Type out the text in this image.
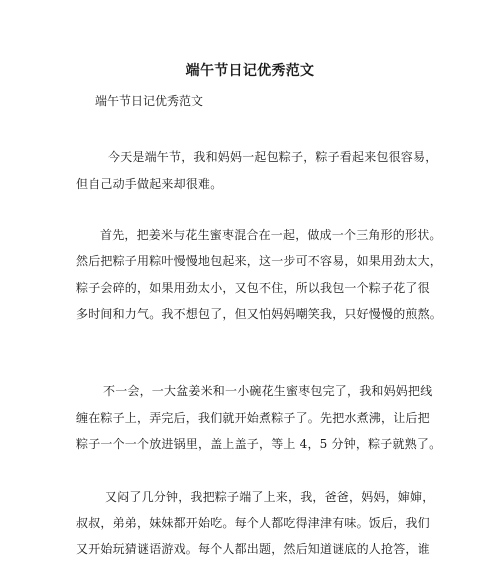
端午节日记优秀范文
端午节日记优秀范文
今天是端午节，我和妈妈一起包粽子，粽子看起来包很容易，
但自己动手做起来却很难。
首先，把姜米与花生蜜枣混合在一起，做成一个三角形的形状。
然后把粽子用粽叶慢慢地包起来，这一步可不容易，如果用劲太大，
粽子会碎的，如果用劲太小，又包不住，所以我包一个粽子花了很
多时间和力气。我不想包了，但又怕妈妈嘲笑我，只好慢慢的煎熬。
不一会，一大盆姜米和一小碗花生蜜枣包完了，我和妈妈把线
缠在粽子上，弄完后，我们就开始煮粽子了。先把水煮沸，让后把
粽子一个一个放进锅里，盖上盖子，等上 4，5 分钟，粽子就熟了。
又闷了几分钟，我把粽子端了上来，我，爸爸，妈妈，婶婶，
叔叔，弟弟，妹妹都开始吃。每个人都吃得津津有味。饭后，我们
又开始玩猜谜语游戏。每个人都出题，然后知道谜底的人抢答，谁
